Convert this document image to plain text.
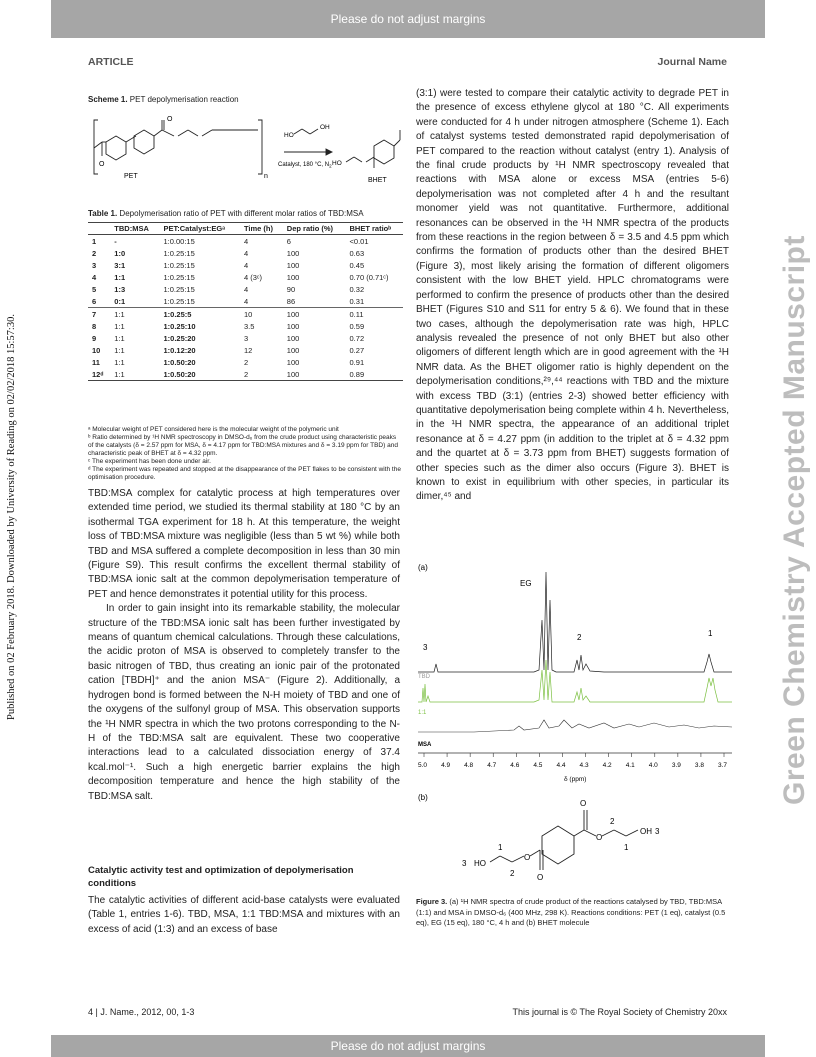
Please do not adjust margins
Please do not adjust margins
ARTICLE	Journal Name
Published on 02 February 2018. Downloaded by University of Reading on 02/02/2018 15:57:30.	Green Chemistry Accepted Manuscript
Scheme 1. PET depolymerisation reaction
O
O
n
PET
HO
OH
Catalyst, 180 °C, $N_2$ HO
BHET
Table 1. Depolymerisation ratio of PET with different molar ratios of TBD:MSA
	TBD:MSA	PET:Catalyst:EGᵃ	Time (h)	Dep ratio (%)	BHET ratioᵇ
1	-	1:0.00:15	4	6	<0.01
2	1:0	1:0.25:15	4	100	0.63
3	3:1	1:0.25:15	4	100	0.45
4	1:1	1:0.25:15	4 (3ᶜ)	100	0.70 (0.71ᶜ)
5	1:3	1:0.25:15	4	90	0.32
6	0:1	1:0.25:15	4	86	0.31
7	1:1	1:0.25:5	10	100	0.11
8	1:1	1:0.25:10	3.5	100	0.59
9	1:1	1:0.25:20	3	100	0.72
10	1:1	1:0.12:20	12	100	0.27
11	1:1	1:0.50:20	2	100	0.91
12ᵈ	1:1	1:0.50:20	2	100	0.89
ᵃ Molecular weight of PET considered here is the molecular weight of the polymeric unit
ᵇ Ratio determined by ¹H NMR spectroscopy in DMSO-d₆ from the crude product using characteristic peaks of the catalysts (δ = 2.57 ppm for MSA, δ = 4.17 ppm for TBD:MSA mixtures and δ = 3.19 ppm for TBD) and characteristic peak of BHET at δ = 4.32 ppm.
ᶜ The experiment has been done under air.
ᵈ The experiment was repeated and stopped at the disappearance of the PET flakes to be consistent with the optimisation procedure.

TBD:MSA complex for catalytic process at high temperatures over extended time period, we studied its thermal stability at 180 °C by an isothermal TGA experiment for 18 h. At this temperature, the weight loss of TBD:MSA mixture was negligible (less than 5 wt %) while both TBD and MSA suffered a complete decomposition in less than 30 min (Figure S9). This result confirms the excellent thermal stability of TBD:MSA ionic salt at the common depolymerisation temperature of PET and hence demonstrates it potential utility for this process.

In order to gain insight into its remarkable stability, the molecular structure of the TBD:MSA ionic salt has been further investigated by means of quantum chemical calculations. Through these calculations, the acidic proton of MSA is observed to completely transfer to the basic nitrogen of TBD, thus creating an ionic pair of the protonated cation [TBDH]⁺ and the anion MSA⁻ (Figure 2). Additionally, a hydrogen bond is formed between the N-H moiety of TBD and one of the oxygens of the sulfonyl group of MSA. This observation supports the ¹H NMR spectra in which the two protons corresponding to the N-H of the TBD:MSA salt are equivalent. These two cooperative interactions lead to a calculated dissociation energy of 37.4 kcal.mol⁻¹. Such a high energetic barrier explains the high decomposition temperature and hence the high stability of the TBD:MSA salt.

Catalytic activity test and optimization of depolymerisation conditions

The catalytic activities of different acid-base catalysts were evaluated (Table 1, entries 1-6). TBD, MSA, 1:1 TBD:MSA and mixtures with an excess of acid (1:3) and an excess of base

(3:1) were tested to compare their catalytic activity to degrade PET in the presence of excess ethylene glycol at 180 °C. All experiments were conducted for 4 h under nitrogen atmosphere (Scheme 1). Each of catalyst systems tested demonstrated rapid depolymerisation of PET compared to the reaction without catalyst (entry 1). Analysis of the final crude products by ¹H NMR spectroscopy revealed that reactions with MSA alone or excess MSA (entries 5-6) depolymerisation was not completed after 4 h and the resultant monomer yield was not quantitative. Furthermore, additional resonances can be observed in the ¹H NMR spectra of the products from these reactions in the region between δ = 3.5 and 4.5 ppm which confirms the formation of products other than the desired BHET (Figure 3), most likely arising the formation of different oligomers consistent with the low BHET yield. HPLC chromatograms were performed to confirm the presence of products other than the desired BHET (Figures S10 and S11 for entry 5 & 6). We found that in these two cases, although the depolymerisation rate was high, HPLC analysis revealed the presence of not only BHET but also other oligomers of different length which are in good agreement with the ¹H NMR data. As the BHET oligomer ratio is highly dependent on the depolymerisation conditions,²⁹,⁴⁴ reactions with TBD and the mixture with excess TBD (3:1) (entries 2-3) showed better efficiency with quantitative depolymerisation being complete within 4 h. Nevertheless, in the ¹H NMR spectra, the appearance of an additional triplet resonance at δ = 4.27 ppm (in addition to the triplet at δ = 4.32 ppm and the quartet at δ = 3.73 ppm from BHET) suggests formation of other species such as the dimer also occurs (Figure 3). BHET is known to exist in equilibrium with other species, in particular its dimer,⁴⁵ and

(a)
EG
3
2	1
TBD
1:1
MSA
5.0 4.9 4.8 4.7 4.6 4.5 4.4 4.3 4.2 4.1 4.0 3.9 3.8 3.7
δ (ppm)
(b)
O
O
O
O
OH 3
HO
3
1
2
2
1
Figure 3. (a) ¹H NMR spectra of crude product of the reactions catalysed by TBD, TBD:MSA (1:1) and MSA in DMSO-d₆ (400 MHz, 298 K). Reactions conditions: PET (1 eq), catalyst (0.5 eq), EG (15 eq), 180 °C, 4 h and (b) BHET molecule
4 | J. Name., 2012, 00, 1-3	This journal is © The Royal Society of Chemistry 20xx
